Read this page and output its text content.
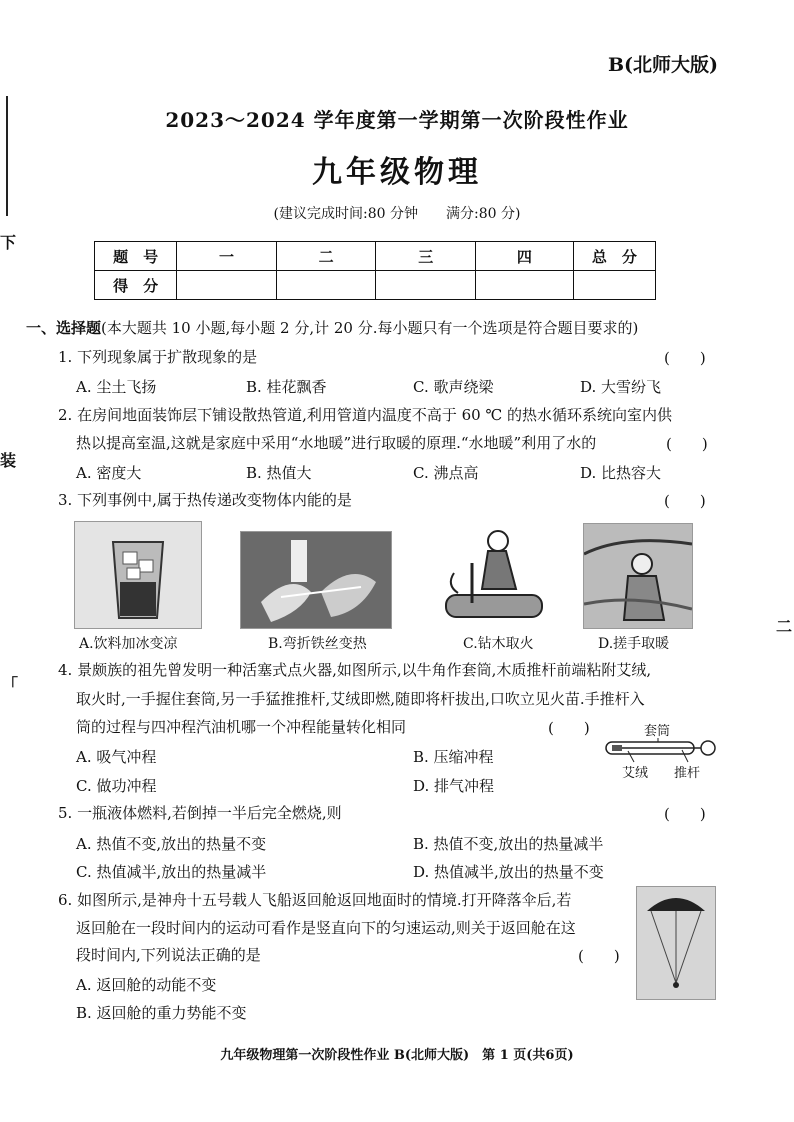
下
装
「
二
B(北师大版)
2023～2024 学年度第一学期第一次阶段性作业
九年级物理
(建议完成时间:80 分钟　　满分:80 分)
题　号	一	二	三	四	总　分
得　分					
一、选择题(本大题共 10 小题,每小题 2 分,计 20 分.每小题只有一个选项是符合题目要求的)
1. 下列现象属于扩散现象的是	(　　)
A. 尘土飞扬	B. 桂花飘香	C. 歌声绕梁	D. 大雪纷飞
2. 在房间地面装饰层下铺设散热管道,利用管道内温度不高于 60 ℃ 的热水循环系统向室内供
热以提高室温,这就是家庭中采用“水地暖”进行取暖的原理.“水地暖”利用了水的	(　　)
A. 密度大	B. 热值大	C. 沸点高	D. 比热容大
3. 下列事例中,属于热传递改变物体内能的是	(　　)
A.饮料加冰变凉	B.弯折铁丝变热	C.钻木取火	D.搓手取暖
4. 景颇族的祖先曾发明一种活塞式点火器,如图所示,以牛角作套筒,木质推杆前端粘附艾绒,
取火时,一手握住套筒,另一手猛推推杆,艾绒即燃,随即将杆拔出,口吹立见火苗.手推杆入
筒的过程与四冲程汽油机哪一个冲程能量转化相同	(　　)
A. 吸气冲程	B. 压缩冲程
C. 做功冲程	D. 排气冲程
套筒
艾绒 推杆
5. 一瓶液体燃料,若倒掉一半后完全燃烧,则	(　　)
A. 热值不变,放出的热量不变	B. 热值不变,放出的热量减半
C. 热值减半,放出的热量减半	D. 热值减半,放出的热量不变
6. 如图所示,是神舟十五号载人飞船返回舱返回地面时的情境.打开降落伞后,若
返回舱在一段时间内的运动可看作是竖直向下的匀速运动,则关于返回舱在这
段时间内,下列说法正确的是	(　　)
A. 返回舱的动能不变
B. 返回舱的重力势能不变
九年级物理第一次阶段性作业 B(北师大版)　第 1 页(共6页)
